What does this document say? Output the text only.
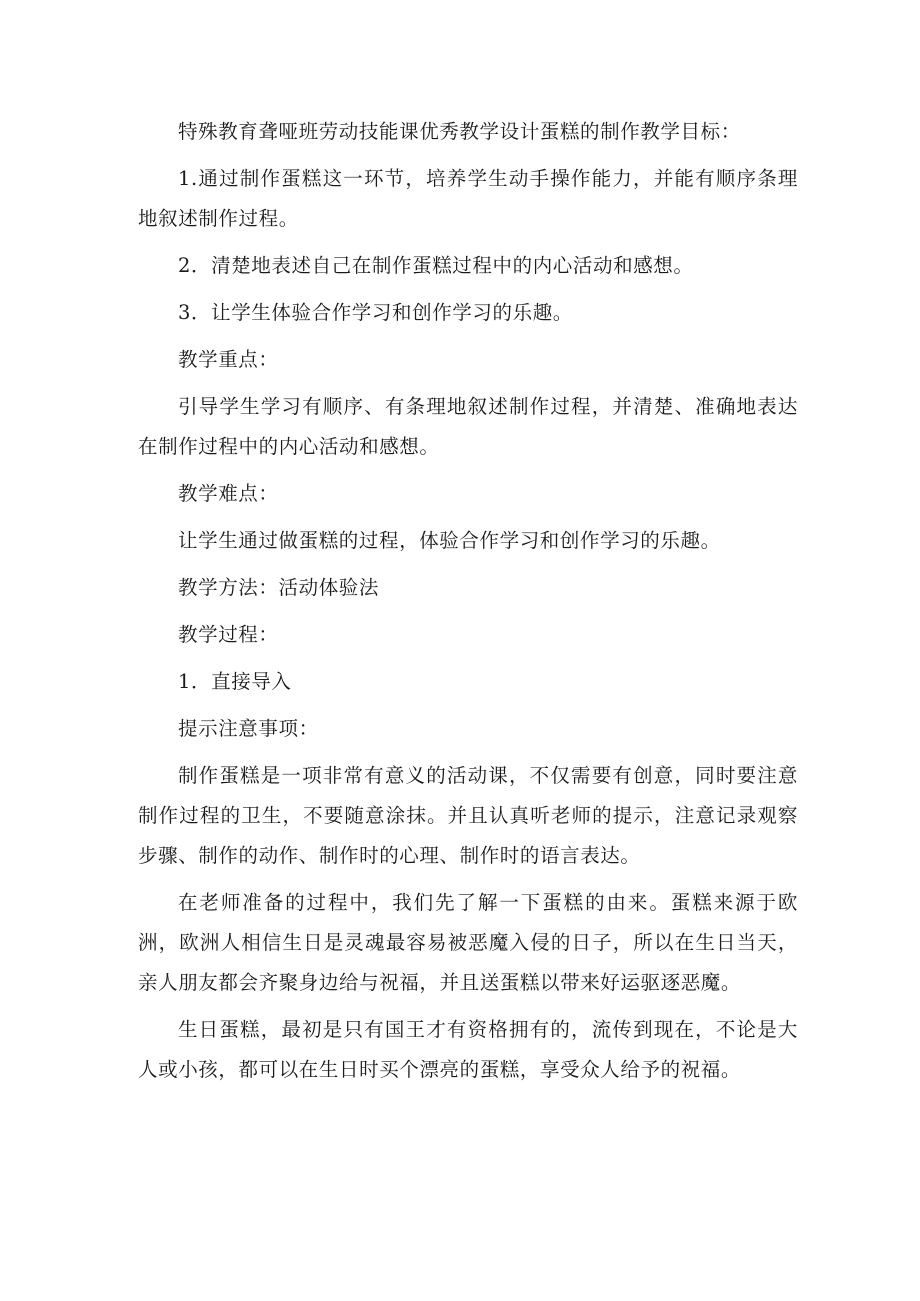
特殊教育聋哑班劳动技能课优秀教学设计蛋糕的制作教学目标：

1.通过制作蛋糕这一环节，培养学生动手操作能力，并能有顺序条理地叙述制作过程。

2．清楚地表述自己在制作蛋糕过程中的内心活动和感想。

3．让学生体验合作学习和创作学习的乐趣。

教学重点：

引导学生学习有顺序、有条理地叙述制作过程，并清楚、准确地表达在制作过程中的内心活动和感想。

教学难点：

让学生通过做蛋糕的过程，体验合作学习和创作学习的乐趣。

教学方法：活动体验法

教学过程：

1．直接导入

提示注意事项：

制作蛋糕是一项非常有意义的活动课，不仅需要有创意，同时要注意制作过程的卫生，不要随意涂抹。并且认真听老师的提示，注意记录观察步骤、制作的动作、制作时的心理、制作时的语言表达。

在老师准备的过程中，我们先了解一下蛋糕的由来。蛋糕来源于欧洲，欧洲人相信生日是灵魂最容易被恶魔入侵的日子，所以在生日当天，亲人朋友都会齐聚身边给与祝福，并且送蛋糕以带来好运驱逐恶魔。

生日蛋糕，最初是只有国王才有资格拥有的，流传到现在，不论是大人或小孩，都可以在生日时买个漂亮的蛋糕，享受众人给予的祝福。
